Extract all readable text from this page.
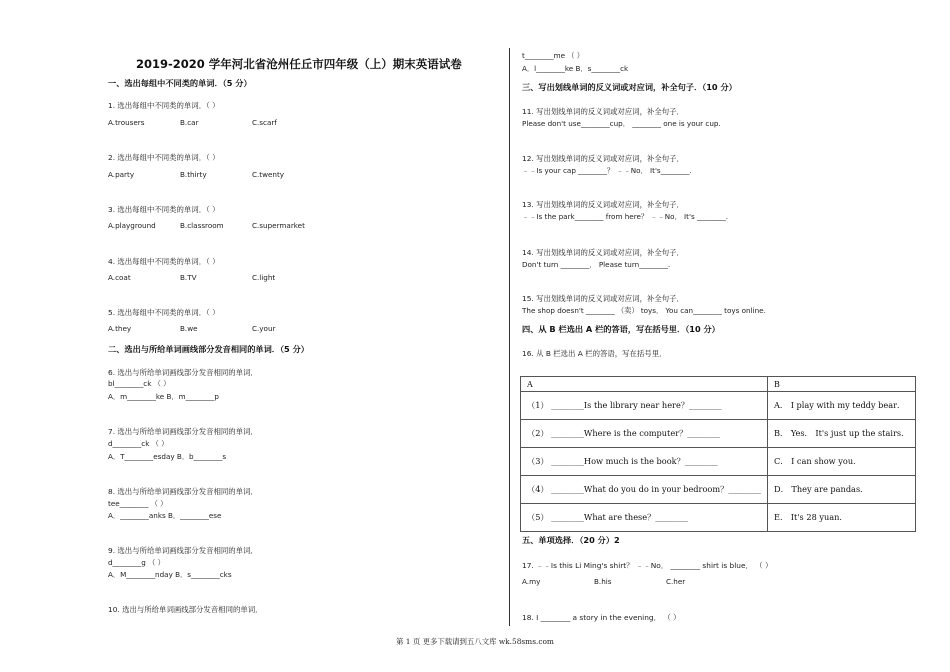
2019-2020 学年河北省沧州任丘市四年级（上）期末英语试卷
一、选出每组中不同类的单词．（5 分）
1. 选出每组中不同类的单词．（ ）
A.trousers	B.car	C.scarf
2. 选出每组中不同类的单词．（ ）
A.party	B.thirty	C.twenty
3. 选出每组中不同类的单词．（ ）
A.playground	B.classroom	C.supermarket
4. 选出每组中不同类的单词．（ ）
A.coat	B.TV	C.light
5. 选出每组中不同类的单词．（ ）
A.they	B.we	C.your
二、选出与所给单词画线部分发音相同的单词．（5 分）
6. 选出与所给单词画线部分发音相同的单词．
bl________ck （ ）
A．m________ke B．m________p
7. 选出与所给单词画线部分发音相同的单词．
d________ck （ ）
A．T________esday B．b________s
8. 选出与所给单词画线部分发音相同的单词．
tee________ （ ）
A．________anks B．________ese
9. 选出与所给单词画线部分发音相同的单词．
d________g （ ）
A．M________nday B．s________cks
10. 选出与所给单词画线部分发音相同的单词．
t________me （ ）
A．l________ke B．s________ck
三、写出划线单词的反义词或对应词，补全句子．（10 分）
11. 写出划线单词的反义词或对应词，补全句子．
Please don't use________cup． ________ one is your cup.
12. 写出划线单词的反义词或对应词，补全句子．
﹣﹣Is your cap ________？ ﹣﹣No． It's________.
13. 写出划线单词的反义词或对应词，补全句子．
﹣﹣Is the park________ from here？ ﹣﹣No． It's ________.
14. 写出划线单词的反义词或对应词，补全句子．
Don't turn ________． Please turn________.
15. 写出划线单词的反义词或对应词，补全句子．
The shop doesn't ________ （卖） toys． You can________ toys online.
四、从 B 栏选出 A 栏的答语，写在括号里．（10 分）
16. 从 B 栏选出 A 栏的答语，写在括号里．
A	B
（1） ________Is the library near here？________	A． I play with my teddy bear．
（2） ________Where is the computer？________	B． Yes． It's just up the stairs．
（3） ________How much is the book？________	C． I can show you．
（4） ________What do you do in your bedroom？________	D． They are pandas．
（5） ________What are these？________	E． It's 28 yuan．
五、单项选择．（20 分）2
17. ﹣﹣Is this Li Ming's shirt？ ﹣﹣No． ________ shirt is blue． （ ）
A.my	B.his	C.her
18. I ________ a story in the evening． （ ）
第 1 页 更多下载请到五八文库 wk.58sms.com
